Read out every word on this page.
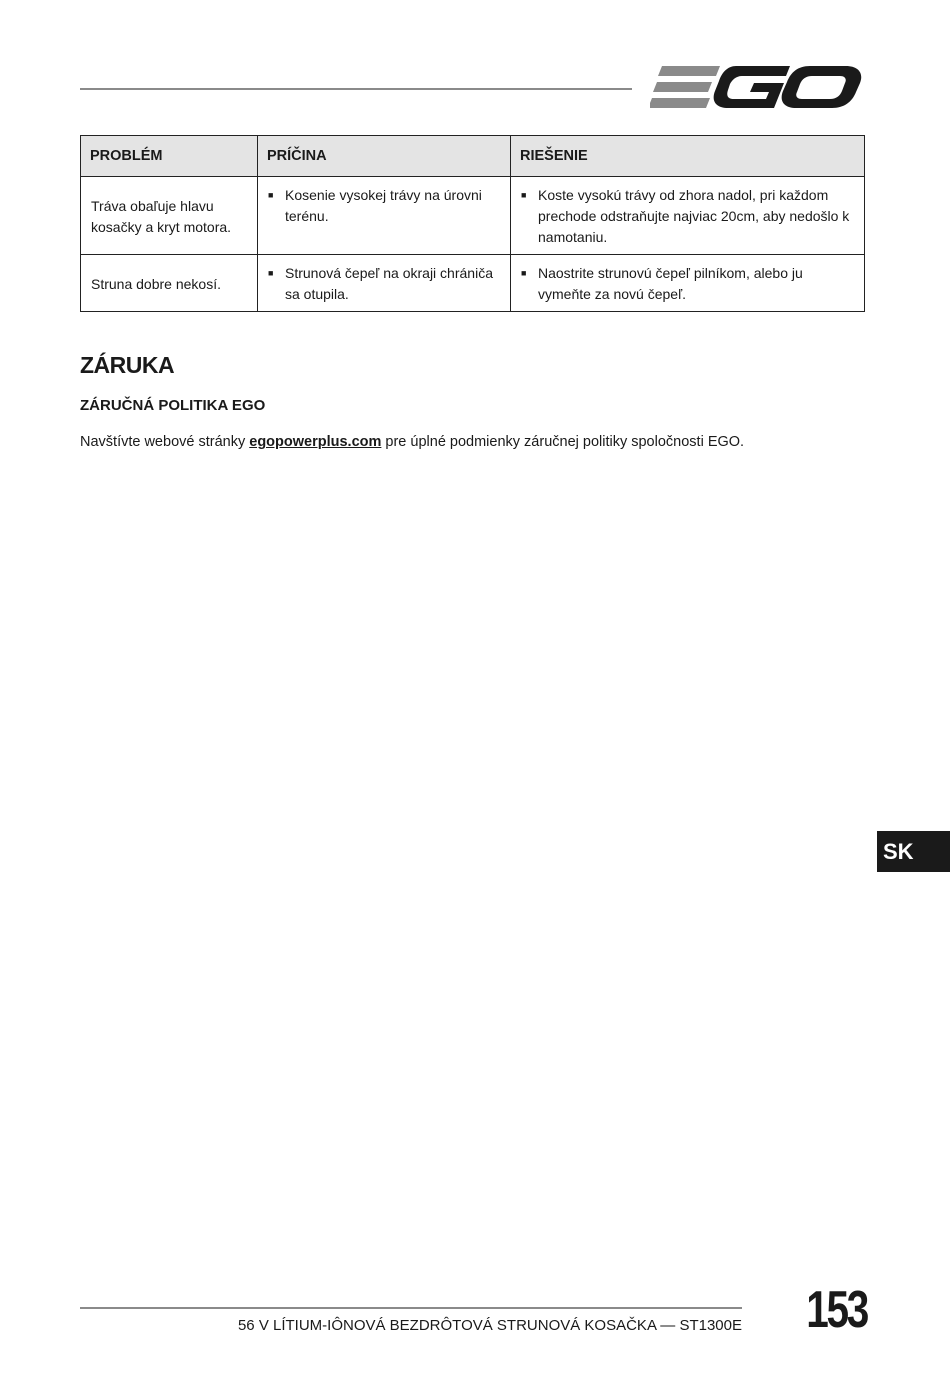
PROBLÉM	PRÍČINA	RIEŠENIE
Tráva obaľuje hlavu kosačky a kryt motora.	■ Kosenie vysokej trávy na úrovni terénu.	■ Koste vysokú trávy od zhora nadol, pri každom prechode odstraňujte najviac 20cm, aby nedošlo k namotaniu.

Struna dobre nekosí.	■ Strunová čepeľ na okraji chrániča sa otupila.	■ Naostrite strunovú čepeľ pilníkom, alebo ju vymeňte za novú čepeľ.
ZÁRUKA
ZÁRUČNÁ POLITIKA EGO

Navštívte webové stránky egopowerplus.com pre úplné podmienky záručnej politiky spoločnosti EGO.

SK

56 V LÍTIUM-IÔNOVÁ BEZDRÔTOVÁ STRUNOVÁ KOSAČKA — ST1300E 153
